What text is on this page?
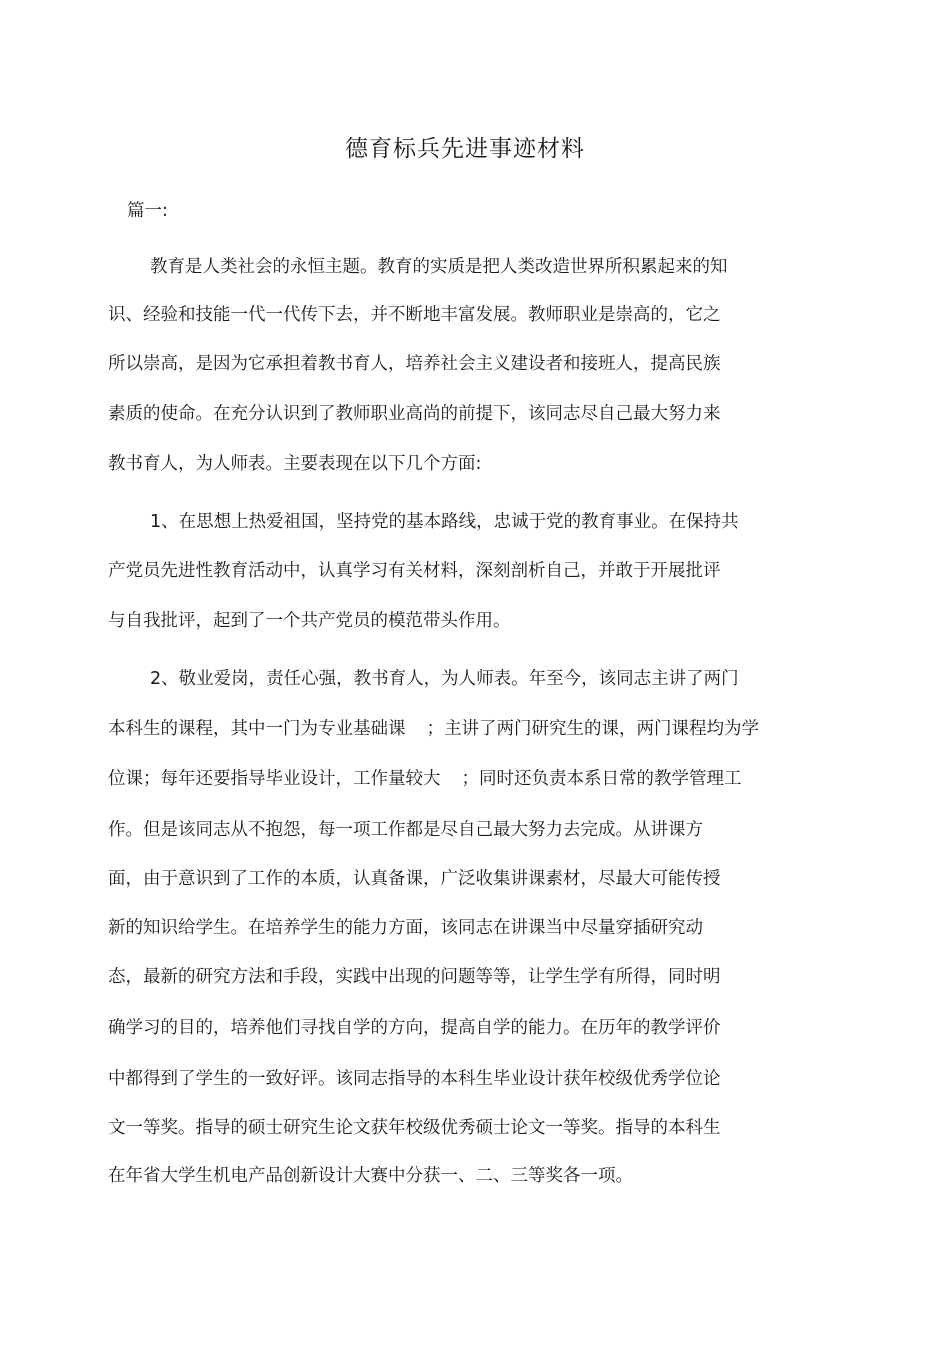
德育标兵先进事迹材料
篇一:
教育是人类社会的永恒主题。教育的实质是把人类改造世界所积累起来的知
识、经验和技能一代一代传下去，并不断地丰富发展。教师职业是崇高的，它之
所以崇高，是因为它承担着教书育人，培养社会主义建设者和接班人，提高民族
素质的使命。在充分认识到了教师职业高尚的前提下，该同志尽自己最大努力来
教书育人，为人师表。主要表现在以下几个方面:
1、在思想上热爱祖国，坚持党的基本路线，忠诚于党的教育事业。在保持共
产党员先进性教育活动中，认真学习有关材料，深刻剖析自己，并敢于开展批评
与自我批评，起到了一个共产党员的模范带头作用。
2、敬业爱岗，责任心强，教书育人，为人师表。年至今，该同志主讲了两门
本科生的课程，其中一门为专业基础课　 ；主讲了两门研究生的课，两门课程均为学
位课；每年还要指导毕业设计，工作量较大　 ；同时还负责本系日常的教学管理工
作。但是该同志从不抱怨，每一项工作都是尽自己最大努力去完成。从讲课方
面，由于意识到了工作的本质，认真备课，广泛收集讲课素材，尽最大可能传授
新的知识给学生。在培养学生的能力方面，该同志在讲课当中尽量穿插研究动
态，最新的研究方法和手段，实践中出现的问题等等，让学生学有所得，同时明
确学习的目的，培养他们寻找自学的方向，提高自学的能力。在历年的教学评价
中都得到了学生的一致好评。该同志指导的本科生毕业设计获年校级优秀学位论
文一等奖。指导的硕士研究生论文获年校级优秀硕士论文一等奖。指导的本科生
在年省大学生机电产品创新设计大赛中分获一、二、三等奖各一项。
